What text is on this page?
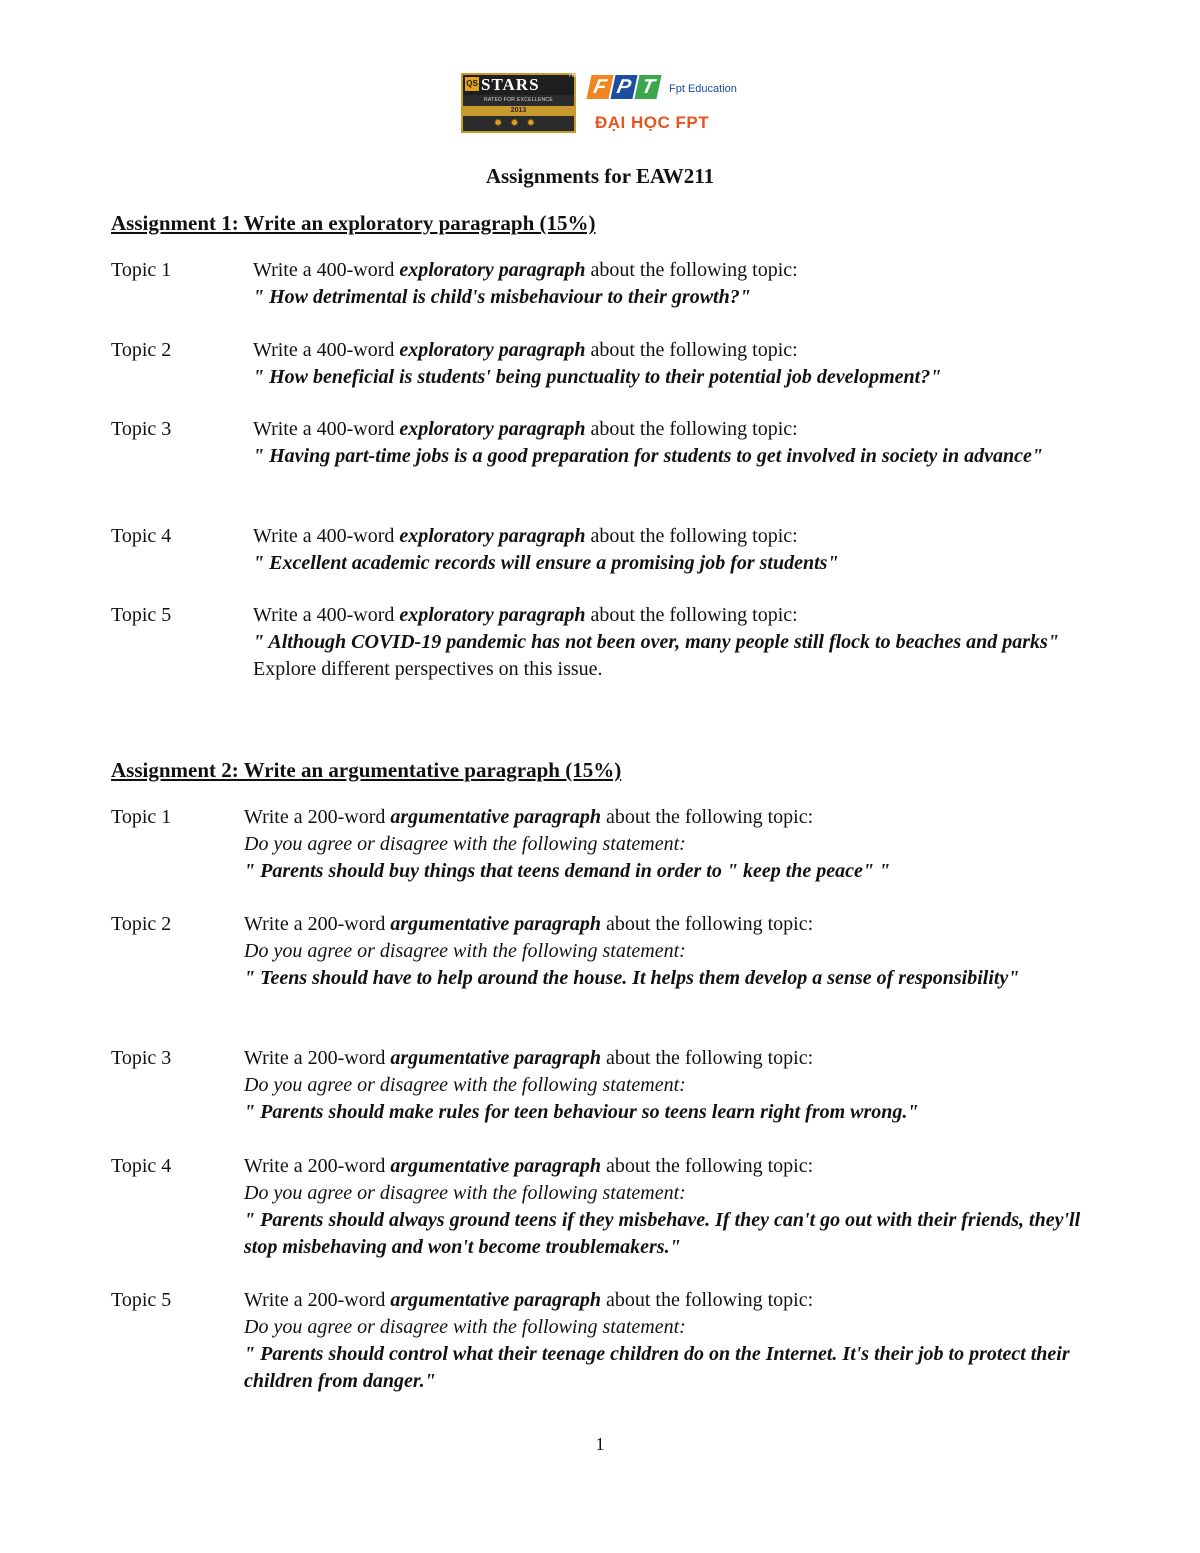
QS STARS	TM
RATED FOR EXCELLENCE
2013
✹✹✹
F P T	Fpt Education
ĐẠI HỌC FPT
Assignments for EAW211
Assignment 1: Write an exploratory paragraph (15%)
Topic 1	Write a 400-word exploratory paragraph about the following topic:
" How detrimental is child's misbehaviour to their growth?"
Topic 2	Write a 400-word exploratory paragraph about the following topic:
" How beneficial is students' being punctuality to their potential job development?"
Topic 3	Write a 400-word exploratory paragraph about the following topic:
" Having part-time jobs is a good preparation for students to get involved in society in advance"
Topic 4	Write a 400-word exploratory paragraph about the following topic:
" Excellent academic records will ensure a promising job for students"
Topic 5	Write a 400-word exploratory paragraph about the following topic:
" Although COVID-19 pandemic has not been over, many people still flock to beaches and parks"
Explore different perspectives on this issue.
Assignment 2: Write an argumentative paragraph (15%)
Topic 1	Write a 200-word argumentative paragraph about the following topic:
Do you agree or disagree with the following statement:
" Parents should buy things that teens demand in order to " keep the peace" "
Topic 2	Write a 200-word argumentative paragraph about the following topic:
Do you agree or disagree with the following statement:
" Teens should have to help around the house. It helps them develop a sense of responsibility"
Topic 3	Write a 200-word argumentative paragraph about the following topic:
Do you agree or disagree with the following statement:
" Parents should make rules for teen behaviour so teens learn right from wrong."
Topic 4	Write a 200-word argumentative paragraph about the following topic:
Do you agree or disagree with the following statement:
" Parents should always ground teens if they misbehave. If they can't go out with their friends, they'll stop misbehaving and won't become troublemakers."
Topic 5	Write a 200-word argumentative paragraph about the following topic:
Do you agree or disagree with the following statement:
" Parents should control what their teenage children do on the Internet. It's their job to protect their children from danger."
1
